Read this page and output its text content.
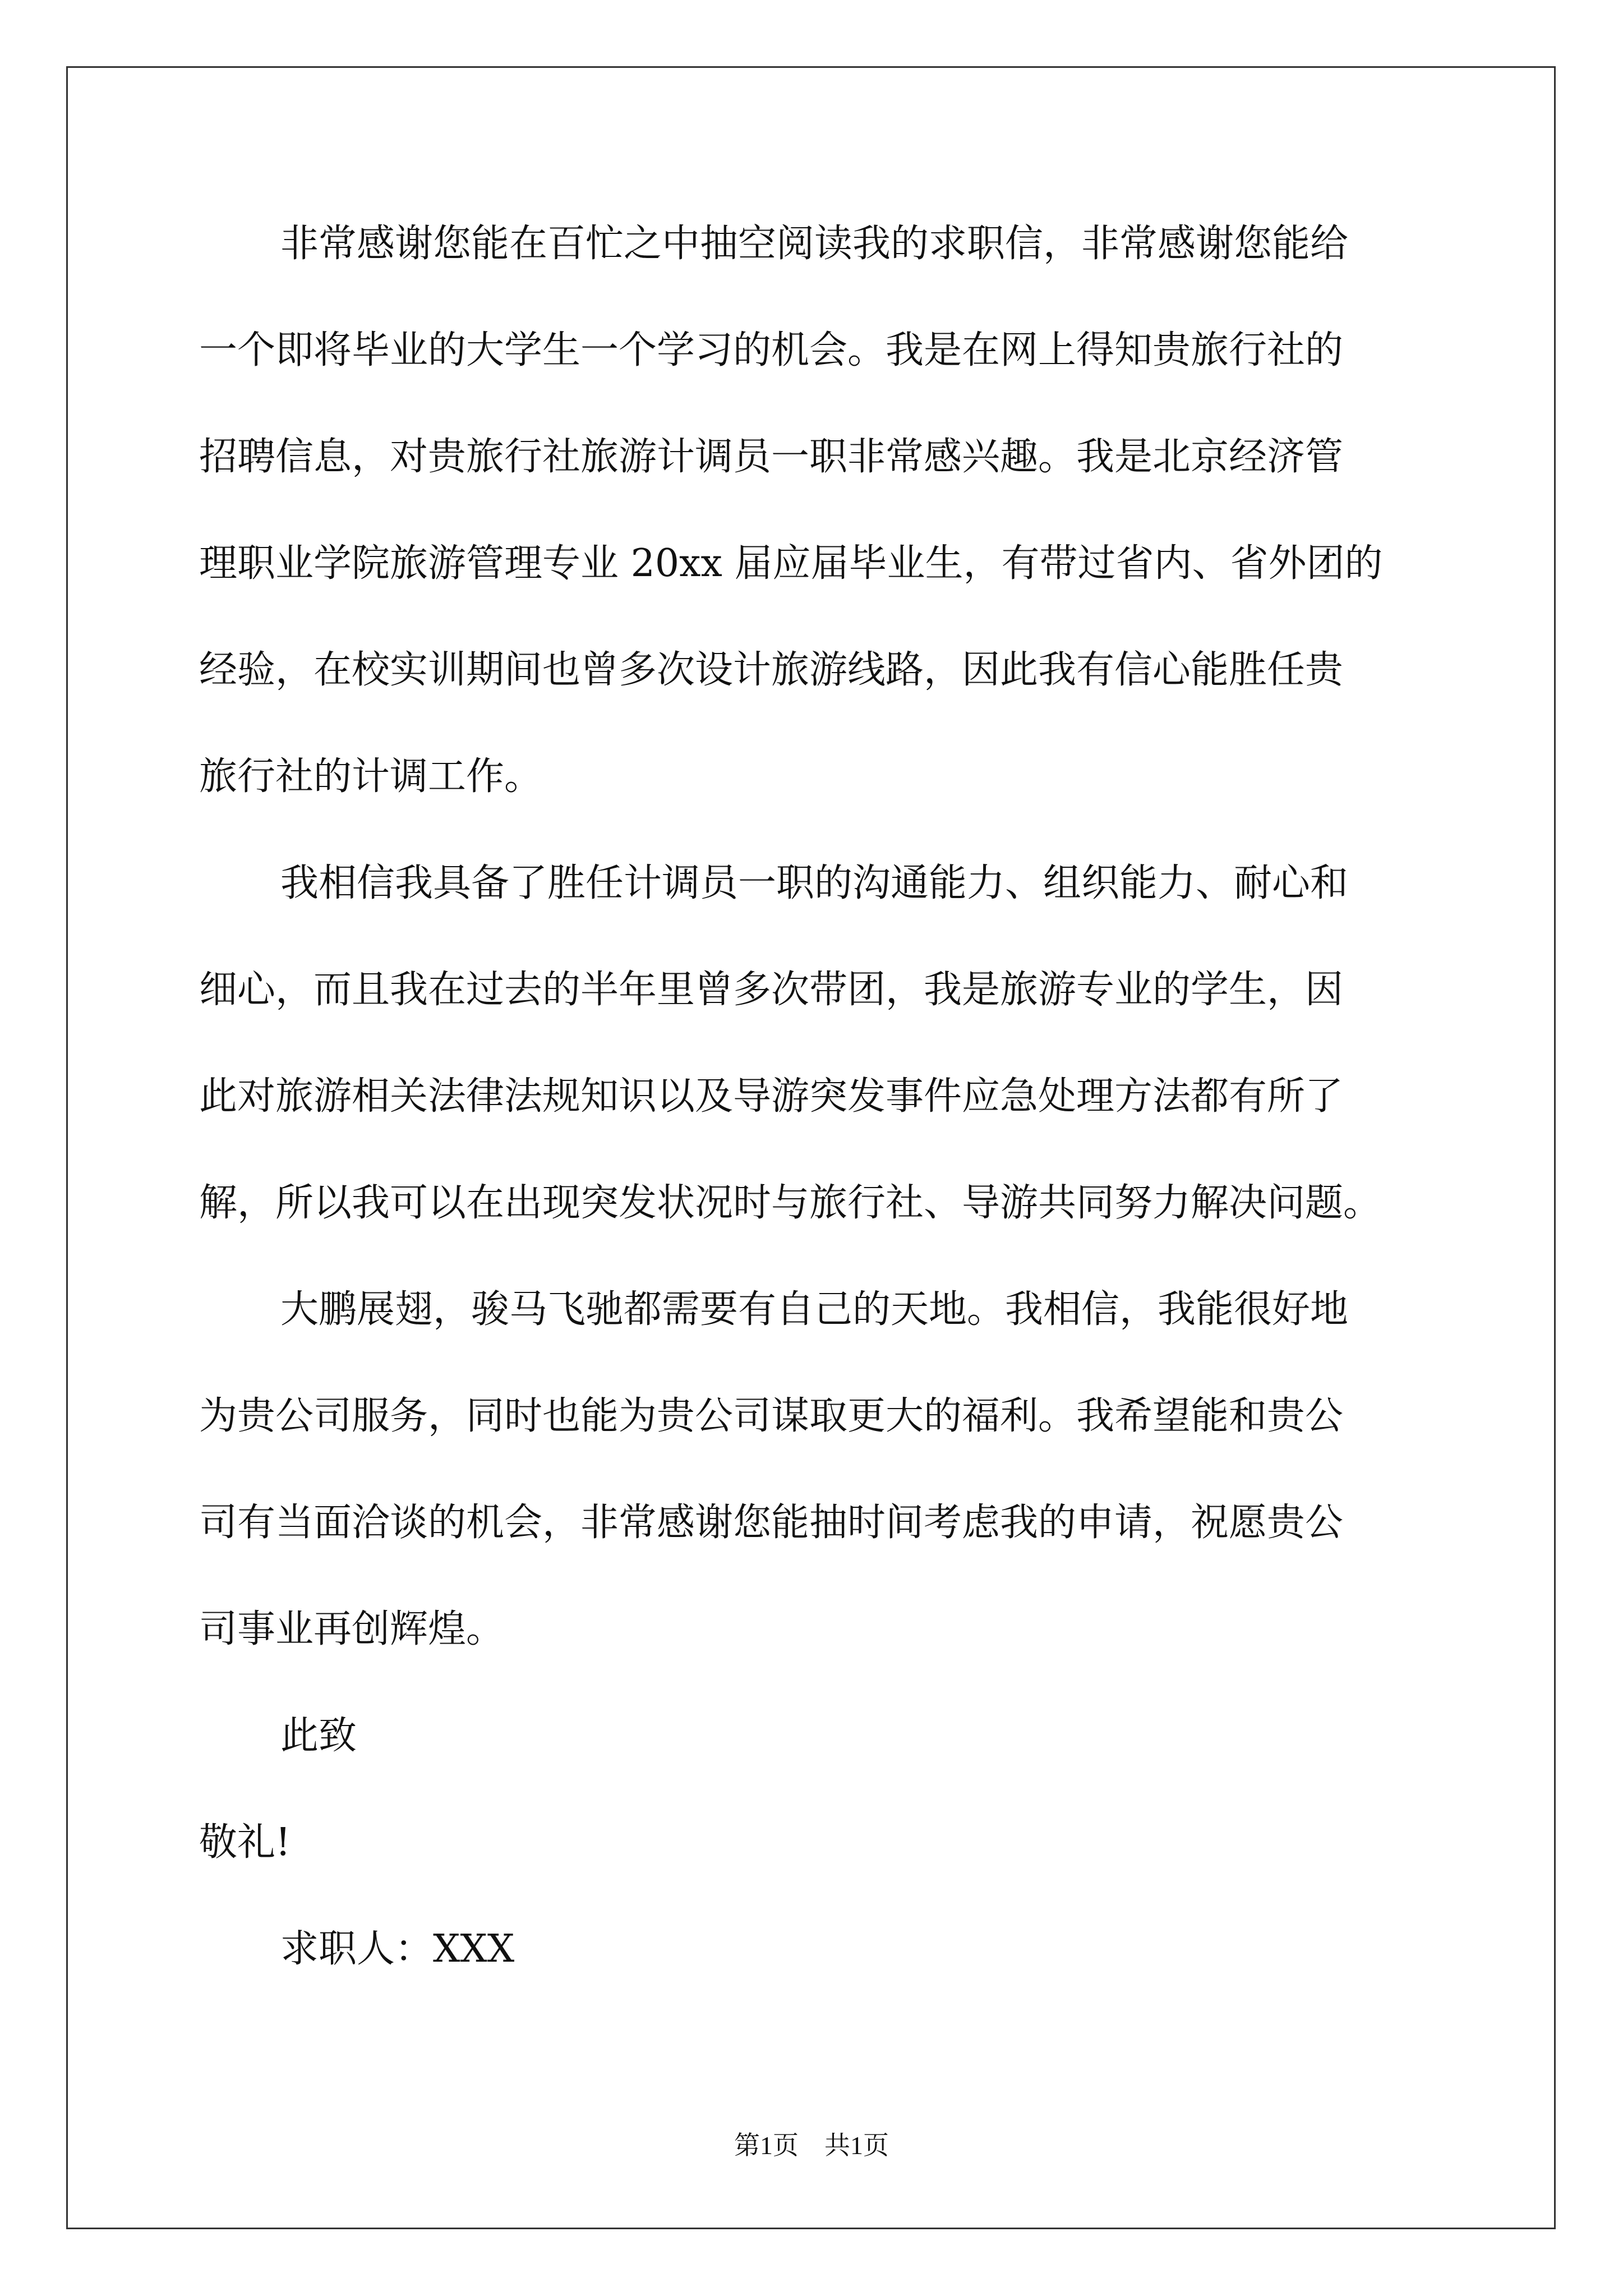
非常感谢您能在百忙之中抽空阅读我的求职信，非常感谢您能给
一个即将毕业的大学生一个学习的机会。我是在网上得知贵旅行社的
招聘信息，对贵旅行社旅游计调员一职非常感兴趣。我是北京经济管
理职业学院旅游管理专业 20xx 届应届毕业生，有带过省内、省外团的
经验，在校实训期间也曾多次设计旅游线路，因此我有信心能胜任贵
旅行社的计调工作。
我相信我具备了胜任计调员一职的沟通能力、组织能力、耐心和
细心，而且我在过去的半年里曾多次带团，我是旅游专业的学生，因
此对旅游相关法律法规知识以及导游突发事件应急处理方法都有所了
解，所以我可以在出现突发状况时与旅行社、导游共同努力解决问题。
大鹏展翅，骏马飞驰都需要有自己的天地。我相信，我能很好地
为贵公司服务，同时也能为贵公司谋取更大的福利。我希望能和贵公
司有当面洽谈的机会，非常感谢您能抽时间考虑我的申请，祝愿贵公
司事业再创辉煌。
此致
敬礼!
求职人：XXX
第1页　共1页
